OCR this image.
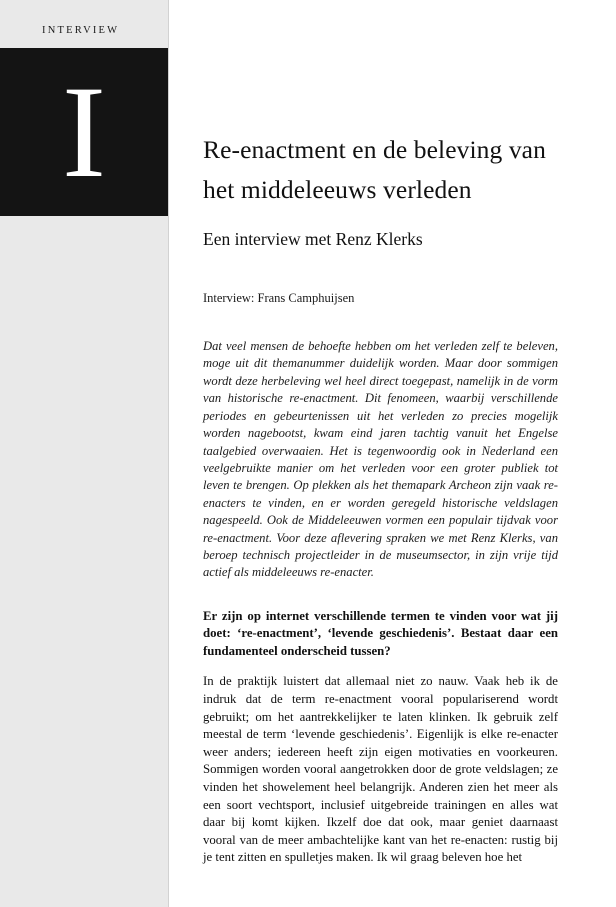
INTERVIEW
I	Re-enactment en de beleving van het middeleeuws verleden
Een interview met Renz Klerks
Interview: Frans Camphuijsen

Dat veel mensen de behoefte hebben om het verleden zelf te beleven, moge uit dit themanummer duidelijk worden. Maar door sommigen wordt deze herbeleving wel heel direct toegepast, namelijk in de vorm van historische re-enactment. Dit fenomeen, waarbij verschillende periodes en gebeurtenissen uit het verleden zo precies mogelijk worden nagebootst, kwam eind jaren tachtig vanuit het Engelse taalgebied overwaaien. Het is tegenwoordig ook in Nederland een veelgebruikte manier om het verleden voor een groter publiek tot leven te brengen. Op plekken als het themapark Archeon zijn vaak re-enacters te vinden, en er worden geregeld historische veldslagen nagespeeld. Ook de Middeleeuwen vormen een populair tijdvak voor re-enactment. Voor deze aflevering spraken we met Renz Klerks, van beroep technisch projectleider in de museumsector, in zijn vrije tijd actief als middeleeuws re-enacter.

Er zijn op internet verschillende termen te vinden voor wat jij doet: ‘re-enactment’, ‘levende geschiedenis’. Bestaat daar een fundamenteel onderscheid tussen?

In de praktijk luistert dat allemaal niet zo nauw. Vaak heb ik de indruk dat de term re-enactment vooral populariserend wordt gebruikt; om het aantrekkelijker te laten klinken. Ik gebruik zelf meestal de term ‘levende geschiedenis’. Eigenlijk is elke re-enacter weer anders; iedereen heeft zijn eigen motivaties en voorkeuren. Sommigen worden vooral aangetrokken door de grote veldslagen; ze vinden het showelement heel belangrijk. Anderen zien het meer als een soort vechtsport, inclusief uitgebreide trainingen en alles wat daar bij komt kijken. Ikzelf doe dat ook, maar geniet daarnaast vooral van de meer ambachtelijke kant van het re-enacten: rustig bij je tent zitten en spulletjes maken. Ik wil graag beleven hoe het
